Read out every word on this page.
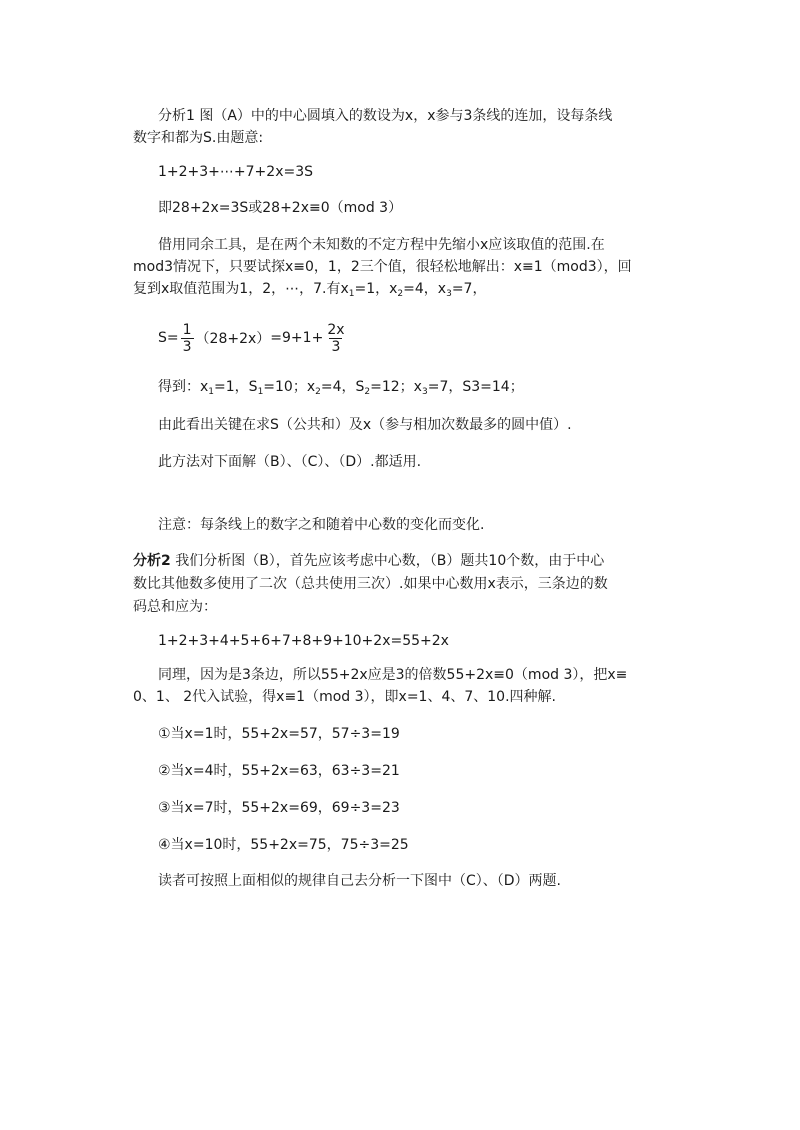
分析1 图（A）中的中心圆填入的数设为x，x参与3条线的连加，设每条线
数字和都为S.由题意:
1+2+3+⋯+7+2x=3S
即28+2x=3S或28+2x≡0（mod 3）
借用同余工具，是在两个未知数的不定方程中先缩小x应该取值的范围.在
mod3情况下，只要试探x≡0，1，2三个值，很轻松地解出：x≡1（mod3），回
复到x取值范围为1，2，⋯，7.有$x_1=1$，$x_2=4$，$x_3=7$，
$S= \frac{1}{3} (28+2x) =9+1+ \frac{2x}{3}$
得到：$x_1=1$，$S_1=10$；$x_2=4$，$S_2=12$；$x_3=7$，S3=14；
由此看出关键在求S（公共和）及x（参与相加次数最多的圆中值）.
此方法对下面解（B）、（C）、（D）.都适用.
注意：每条线上的数字之和随着中心数的变化而变化.
分析2 我们分析图（B），首先应该考虑中心数，（B）题共10个数，由于中心
数比其他数多使用了二次（总共使用三次）.如果中心数用x表示，三条边的数
码总和应为：
1+2+3+4+5+6+7+8+9+10+2x=55+2x
同理，因为是3条边，所以55+2x应是3的倍数55+2x≡0（mod 3），把x≡
0、1、 2代入试验，得x≡1（mod 3），即x=1、4、7、10.四种解.
①当x=1时，55+2x=57，57÷3=19
②当x=4时，55+2x=63，63÷3=21
③当x=7时，55+2x=69，69÷3=23
④当x=10时，55+2x=75，75÷3=25
读者可按照上面相似的规律自己去分析一下图中（C）、（D）两题.
